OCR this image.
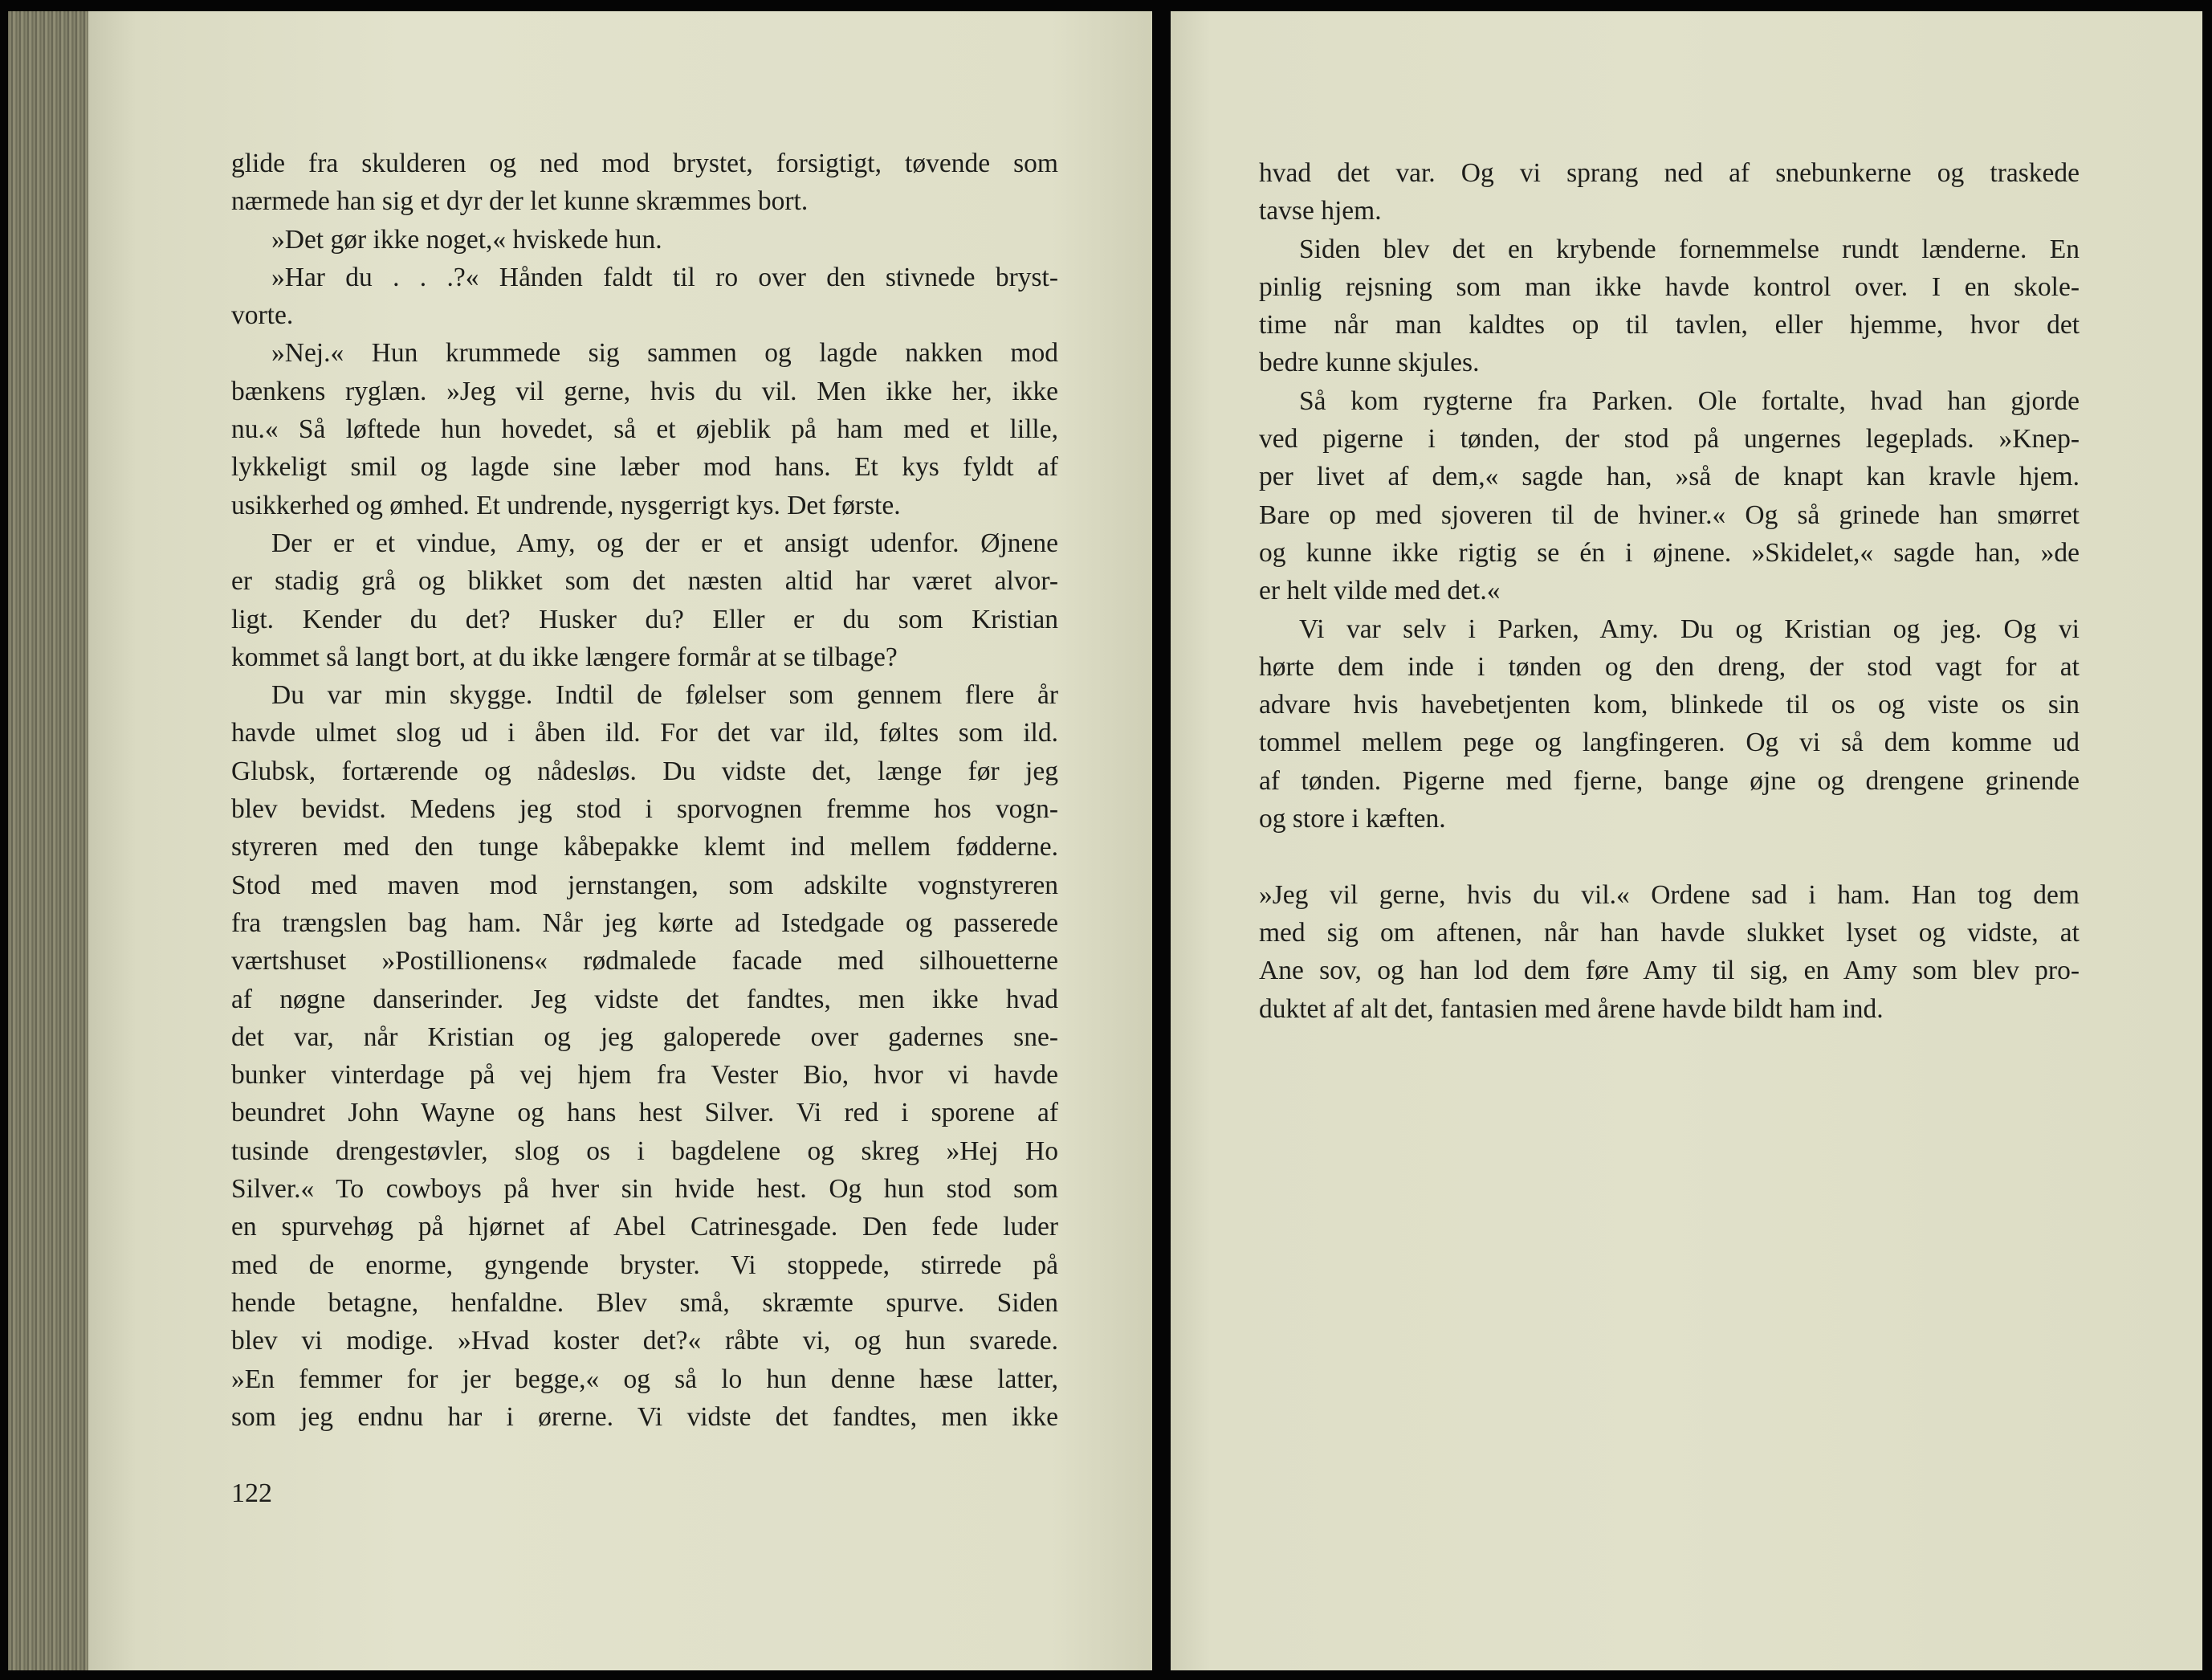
glide fra skulderen og ned mod brystet, forsigtigt, tøvende som
nærmede han sig et dyr der let kunne skræmmes bort.
»Det gør ikke noget,« hviskede hun.
»Har du . . .?« Hånden faldt til ro over den stivnede bryst-
vorte.
»Nej.« Hun krummede sig sammen og lagde nakken mod
bænkens ryglæn. »Jeg vil gerne, hvis du vil. Men ikke her, ikke
nu.« Så løftede hun hovedet, så et øjeblik på ham med et lille,
lykkeligt smil og lagde sine læber mod hans. Et kys fyldt af
usikkerhed og ømhed. Et undrende, nysgerrigt kys. Det første.
Der er et vindue, Amy, og der er et ansigt udenfor. Øjnene
er stadig grå og blikket som det næsten altid har været alvor-
ligt. Kender du det? Husker du? Eller er du som Kristian
kommet så langt bort, at du ikke længere formår at se tilbage?
Du var min skygge. Indtil de følelser som gennem flere år
havde ulmet slog ud i åben ild. For det var ild, føltes som ild.
Glubsk, fortærende og nådesløs. Du vidste det, længe før jeg
blev bevidst. Medens jeg stod i sporvognen fremme hos vogn-
styreren med den tunge kåbepakke klemt ind mellem fødderne.
Stod med maven mod jernstangen, som adskilte vognstyreren
fra trængslen bag ham. Når jeg kørte ad Istedgade og passerede
værtshuset »Postillionens« rødmalede facade med silhouetterne
af nøgne danserinder. Jeg vidste det fandtes, men ikke hvad
det var, når Kristian og jeg galoperede over gadernes sne-
bunker vinterdage på vej hjem fra Vester Bio, hvor vi havde
beundret John Wayne og hans hest Silver. Vi red i sporene af
tusinde drengestøvler, slog os i bagdelene og skreg »Hej Ho
Silver.« To cowboys på hver sin hvide hest. Og hun stod som
en spurvehøg på hjørnet af Abel Catrinesgade. Den fede luder
med de enorme, gyngende bryster. Vi stoppede, stirrede på
hende betagne, henfaldne. Blev små, skræmte spurve. Siden
blev vi modige. »Hvad koster det?« råbte vi, og hun svarede.
»En femmer for jer begge,« og så lo hun denne hæse latter,
som jeg endnu har i ørerne. Vi vidste det fandtes, men ikke
122
hvad det var. Og vi sprang ned af snebunkerne og traskede
tavse hjem.
Siden blev det en krybende fornemmelse rundt lænderne. En
pinlig rejsning som man ikke havde kontrol over. I en skole-
time når man kaldtes op til tavlen, eller hjemme, hvor det
bedre kunne skjules.
Så kom rygterne fra Parken. Ole fortalte, hvad han gjorde
ved pigerne i tønden, der stod på ungernes legeplads. »Knep-
per livet af dem,« sagde han, »så de knapt kan kravle hjem.
Bare op med sjoveren til de hviner.« Og så grinede han smørret
og kunne ikke rigtig se én i øjnene. »Skidelet,« sagde han, »de
er helt vilde med det.«
Vi var selv i Parken, Amy. Du og Kristian og jeg. Og vi
hørte dem inde i tønden og den dreng, der stod vagt for at
advare hvis havebetjenten kom, blinkede til os og viste os sin
tommel mellem pege og langfingeren. Og vi så dem komme ud
af tønden. Pigerne med fjerne, bange øjne og drengene grinende
og store i kæften.
»Jeg vil gerne, hvis du vil.« Ordene sad i ham. Han tog dem
med sig om aftenen, når han havde slukket lyset og vidste, at
Ane sov, og han lod dem føre Amy til sig, en Amy som blev pro-
duktet af alt det, fantasien med årene havde bildt ham ind.
